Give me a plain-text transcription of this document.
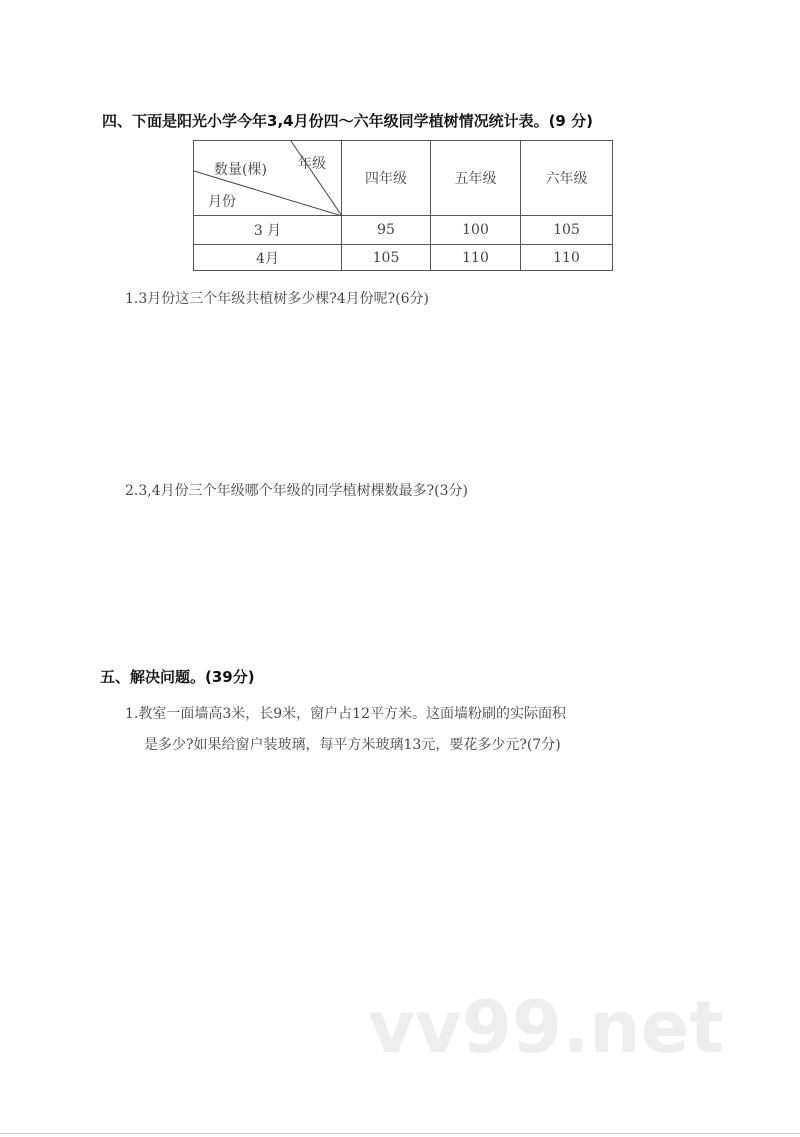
四、下面是阳光小学今年3,4月份四～六年级同学植树情况统计表。(9 分)
年级
数量(棵)
月份	四年级	五年级	六年级
3 月	95	100	105
4月	105	110	110
1.3月份这三个年级共植树多少棵?4月份呢?(6分)
2.3,4月份三个年级哪个年级的同学植树棵数最多?(3分)
五、解决问题。(39分)
1.教室一面墙高3米，长9米，窗户占12平方米。这面墙粉刷的实际面积
是多少?如果给窗户装玻璃，每平方米玻璃13元，要花多少元?(7分)
vv99.net
